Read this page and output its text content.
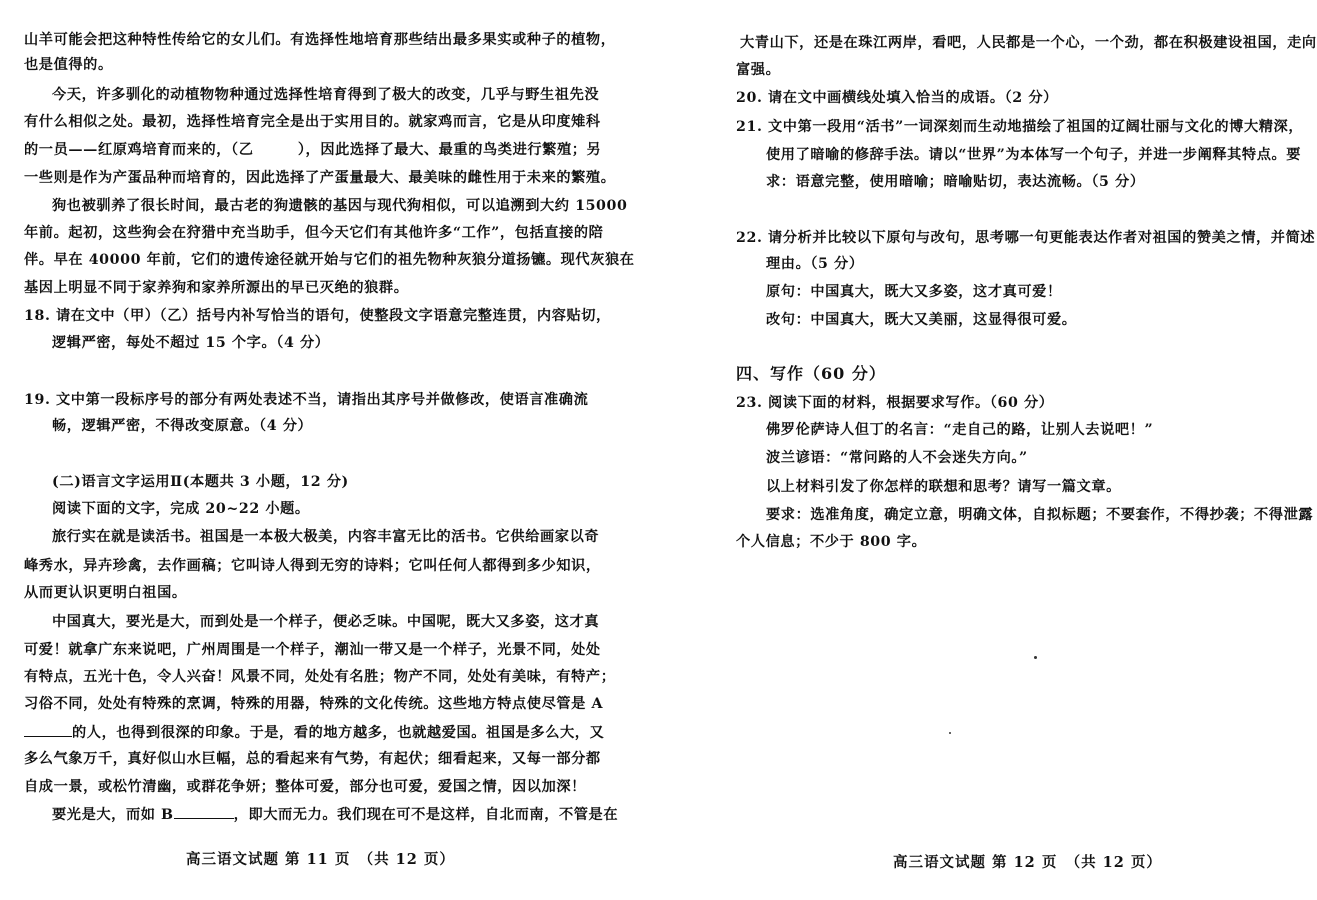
山羊可能会把这种特性传给它的女儿们。有选择性地培育那些结出最多果实或种子的植物，
也是值得的。
今天，许多驯化的动植物物种通过选择性培育得到了极大的改变，几乎与野生祖先没
有什么相似之处。最初，选择性培育完全是出于实用目的。就家鸡而言，它是从印度雉科
的一员——红原鸡培育而来的，（乙　　　），因此选择了最大、最重的鸟类进行繁殖；另
一些则是作为产蛋品种而培育的，因此选择了产蛋量最大、最美味的雌性用于未来的繁殖。
狗也被驯养了很长时间，最古老的狗遗骸的基因与现代狗相似，可以追溯到大约 15000
年前。起初，这些狗会在狩猎中充当助手，但今天它们有其他许多“工作”，包括直接的陪
伴。早在 40000 年前，它们的遗传途径就开始与它们的祖先物种灰狼分道扬镳。现代灰狼在
基因上明显不同于家养狗和家养所源出的早已灭绝的狼群。
18. 请在文中（甲）（乙）括号内补写恰当的语句，使整段文字语意完整连贯，内容贴切，
逻辑严密，每处不超过 15 个字。（4 分）
19. 文中第一段标序号的部分有两处表述不当，请指出其序号并做修改，使语言准确流
畅，逻辑严密，不得改变原意。（4 分）
(二)语言文字运用Ⅱ(本题共 3 小题，12 分)
阅读下面的文字，完成 20~22 小题。
旅行实在就是读活书。祖国是一本极大极美，内容丰富无比的活书。它供给画家以奇
峰秀水，异卉珍禽，去作画稿；它叫诗人得到无穷的诗料；它叫任何人都得到多少知识，
从而更认识更明白祖国。
中国真大，要光是大，而到处是一个样子，便必乏味。中国呢，既大又多姿，这才真
可爱！就拿广东来说吧，广州周围是一个样子，潮汕一带又是一个样子，光景不同，处处
有特点，五光十色，令人兴奋！风景不同，处处有名胜；物产不同，处处有美味，有特产；
习俗不同，处处有特殊的烹调，特殊的用器，特殊的文化传统。这些地方特点使尽管是 A
的人，也得到很深的印象。于是，看的地方越多，也就越爱国。祖国是多么大，又
多么气象万千，真好似山水巨幅，总的看起来有气势，有起伏；细看起来，又每一部分都
自成一景，或松竹清幽，或群花争妍；整体可爱，部分也可爱，爱国之情，因以加深！
要光是大，而如 B	，即大而无力。我们现在可不是这样，自北而南，不管是在
高三语文试题 第 11 页　（共 12 页）
大青山下，还是在珠江两岸，看吧，人民都是一个心，一个劲，都在积极建设祖国，走向
富强。
20. 请在文中画横线处填入恰当的成语。（2 分）
21. 文中第一段用“活书”一词深刻而生动地描绘了祖国的辽阔壮丽与文化的博大精深，
使用了暗喻的修辞手法。请以“世界”为本体写一个句子，并进一步阐释其特点。要
求：语意完整，使用暗喻；暗喻贴切，表达流畅。（5 分）
22. 请分析并比较以下原句与改句，思考哪一句更能表达作者对祖国的赞美之情，并简述
理由。（5 分）
原句：中国真大，既大又多姿，这才真可爱！
改句：中国真大，既大又美丽，这显得很可爱。
四、写作（60 分）
23. 阅读下面的材料，根据要求写作。（60 分）
佛罗伦萨诗人但丁的名言：“走自己的路，让别人去说吧！”
波兰谚语：“常问路的人不会迷失方向。”
以上材料引发了你怎样的联想和思考？请写一篇文章。
要求：选准角度，确定立意，明确文体，自拟标题；不要套作，不得抄袭；不得泄露
个人信息；不少于 800 字。
高三语文试题 第 12 页　（共 12 页）
